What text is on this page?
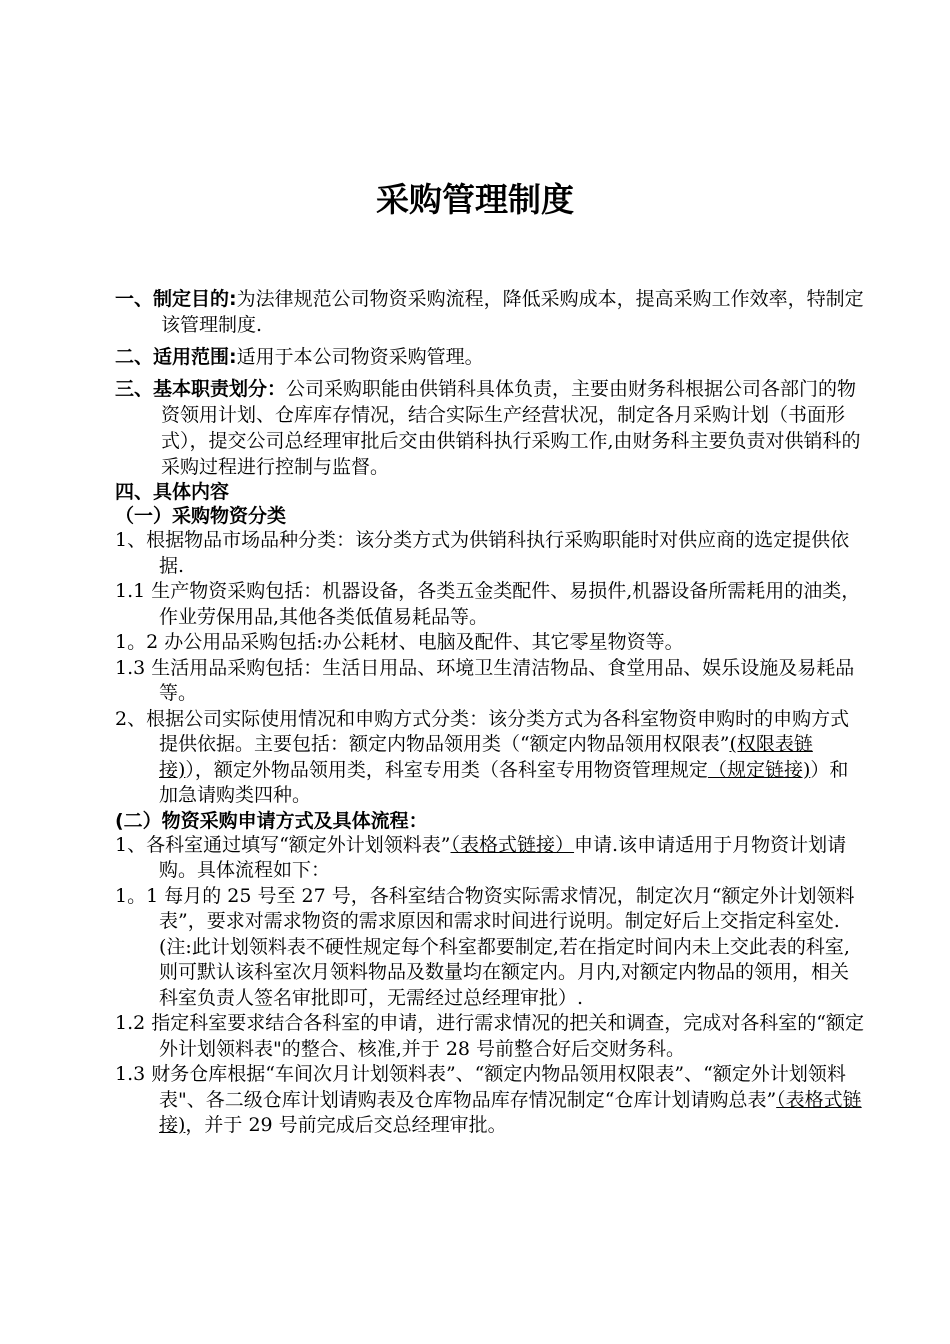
采购管理制度
一、制定目的:为法律规范公司物资采购流程，降低采购成本，提高采购工作效率，特制定该管理制度.
二、适用范围:适用于本公司物资采购管理。
三、基本职责划分：公司采购职能由供销科具体负责，主要由财务科根据公司各部门的物资领用计划、仓库库存情况，结合实际生产经营状况，制定各月采购计划（书面形式），提交公司总经理审批后交由供销科执行采购工作,由财务科主要负责对供销科的采购过程进行控制与监督。
四、具体内容
（一）采购物资分类
1、根据物品市场品种分类：该分类方式为供销科执行采购职能时对供应商的选定提供依据.
1.1 生产物资采购包括：机器设备，各类五金类配件、易损件,机器设备所需耗用的油类，作业劳保用品,其他各类低值易耗品等。
1。2 办公用品采购包括:办公耗材、电脑及配件、其它零星物资等。
1.3 生活用品采购包括：生活日用品、环境卫生清洁物品、食堂用品、娱乐设施及易耗品等。
2、根据公司实际使用情况和申购方式分类：该分类方式为各科室物资申购时的申购方式提供依据。主要包括：额定内物品领用类（“额定内物品领用权限表”(权限表链接)），额定外物品领用类，科室专用类（各科室专用物资管理规定（规定链接)）和加急请购类四种。
(二）物资采购申请方式及具体流程：
1、各科室通过填写“额定外计划领料表”（表格式链接）申请.该申请适用于月物资计划请购。具体流程如下：
1。1 每月的 25 号至 27 号，各科室结合物资实际需求情况，制定次月“额定外计划领料表”，要求对需求物资的需求原因和需求时间进行说明。制定好后上交指定科室处.(注:此计划领料表不硬性规定每个科室都要制定,若在指定时间内未上交此表的科室,则可默认该科室次月领料物品及数量均在额定内。月内,对额定内物品的领用，相关科室负责人签名审批即可，无需经过总经理审批）.
1.2 指定科室要求结合各科室的申请，进行需求情况的把关和调查，完成对各科室的“额定外计划领料表"的整合、核准,并于 28 号前整合好后交财务科。
1.3 财务仓库根据“车间次月计划领料表”、“额定内物品领用权限表”、“额定外计划领料表"、各二级仓库计划请购表及仓库物品库存情况制定“仓库计划请购总表”（表格式链接)，并于 29 号前完成后交总经理审批。
